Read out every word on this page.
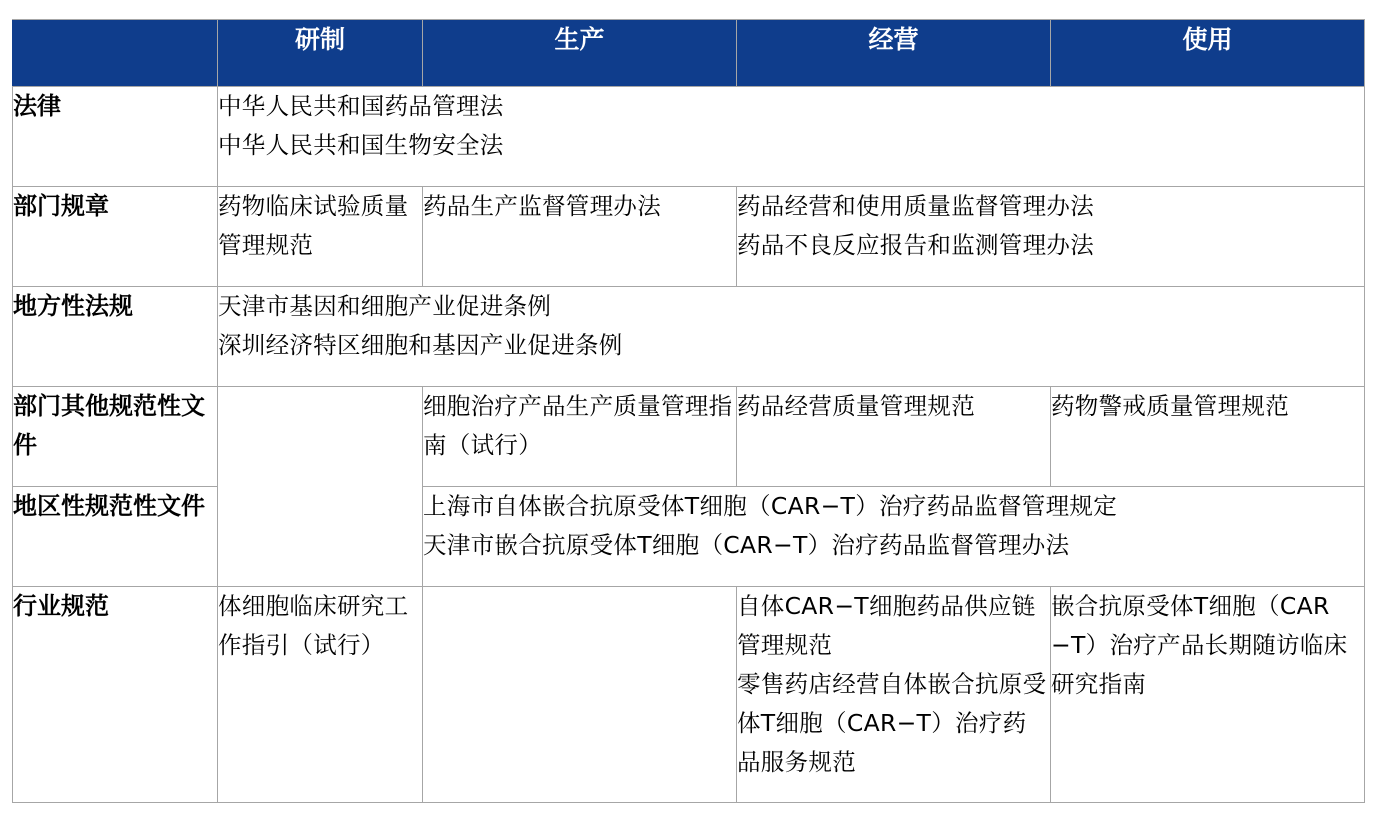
	研制	生产	经营	使用
法律	中华人民共和国药品管理法
中华人民共和国生物安全法			

部门规章	药物临床试验质量管理规范	药品生产监督管理办法	药品经营和使用质量监督管理办法
药品不良反应报告和监测管理办法	

地方性法规	天津市基因和细胞产业促进条例
深圳经济特区细胞和基因产业促进条例			

部门其他规范性文件		细胞治疗产品生产质量管理指南（试行）	药品经营质量管理规范	药物警戒质量管理规范

地区性规范性文件		上海市自体嵌合抗原受体T细胞（CAR−T）治疗药品监督管理规定
天津市嵌合抗原受体T细胞（CAR−T）治疗药品监督管理办法		

行业规范	体细胞临床研究工作指引（试行）		自体CAR−T细胞药品供应链管理规范
零售药店经营自体嵌合抗原受体T细胞（CAR−T）治疗药品服务规范	嵌合抗原受体T细胞（CAR−T）治疗产品长期随访临床研究指南
